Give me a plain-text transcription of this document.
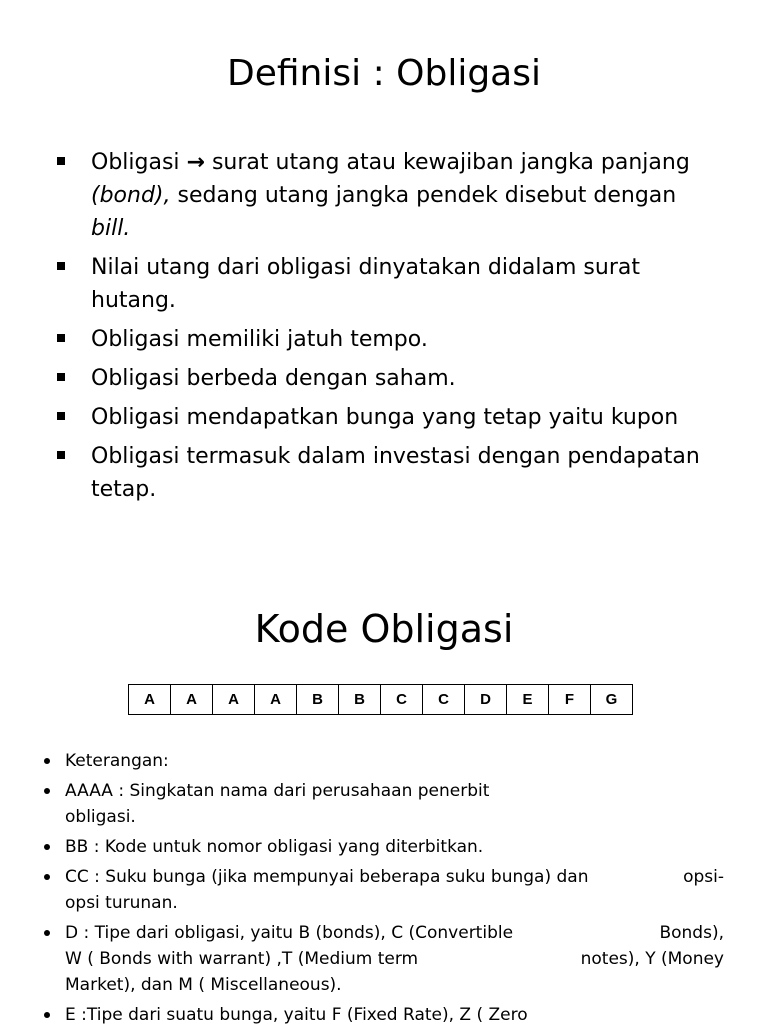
Definisi : Obligasi
Obligasi → surat utang atau kewajiban jangka panjang
(bond), sedang utang jangka pendek disebut dengan
bill.
Nilai utang dari obligasi dinyatakan didalam surat
hutang.
Obligasi memiliki jatuh tempo.
Obligasi berbeda dengan saham.
Obligasi mendapatkan bunga yang tetap yaitu kupon
Obligasi termasuk dalam investasi dengan pendapatan
tetap.
Kode Obligasi
A	A	A	A	B	B	C	C	D	E	F	G
Keterangan:
AAAA : Singkatan nama dari perusahaan penerbit
obligasi.
BB : Kode untuk nomor obligasi yang diterbitkan.
CC : Suku bunga (jika mempunyai beberapa suku bunga) dan	opsi-
opsi turunan.
D : Tipe dari obligasi, yaitu B (bonds), C (Convertible	Bonds),
W ( Bonds with warrant) ,T (Medium term	notes), Y (Money
Market), dan M ( Miscellaneous).
E :Tipe dari suatu bunga, yaitu F (Fixed Rate), Z ( Zero
